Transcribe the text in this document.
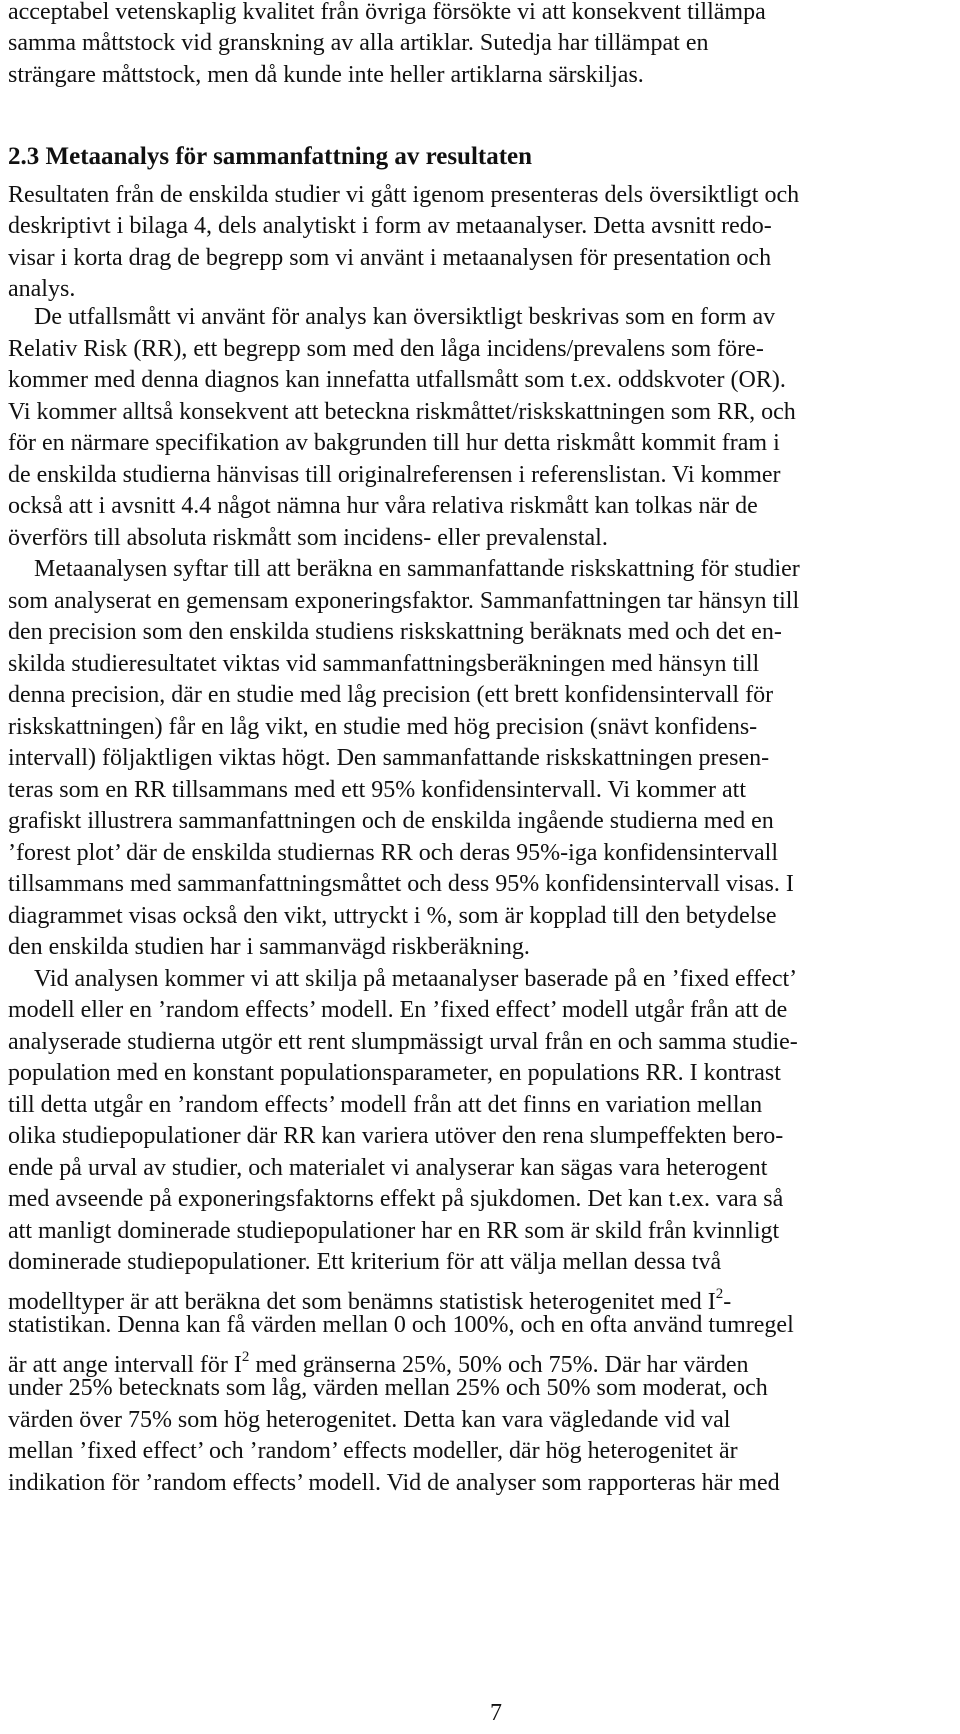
acceptabel vetenskaplig kvalitet från övriga försökte vi att konsekvent tillämpa
samma måttstock vid granskning av alla artiklar. Sutedja har tillämpat en
strängare måttstock, men då kunde inte heller artiklarna särskiljas.
2.3 Metaanalys för sammanfattning av resultaten
Resultaten från de enskilda studier vi gått igenom presenteras dels översiktligt och
deskriptivt i bilaga 4, dels analytiskt i form av metaanalyser. Detta avsnitt redo-
visar i korta drag de begrepp som vi använt i metaanalysen för presentation och
analys.
De utfallsmått vi använt för analys kan översiktligt beskrivas som en form av
Relativ Risk (RR), ett begrepp som med den låga incidens/prevalens som före-
kommer med denna diagnos kan innefatta utfallsmått som t.ex. oddskvoter (OR).
Vi kommer alltså konsekvent att beteckna riskmåttet/riskskattningen som RR, och
för en närmare specifikation av bakgrunden till hur detta riskmått kommit fram i
de enskilda studierna hänvisas till originalreferensen i referenslistan. Vi kommer
också att i avsnitt 4.4 något nämna hur våra relativa riskmått kan tolkas när de
överförs till absoluta riskmått som incidens- eller prevalenstal.
Metaanalysen syftar till att beräkna en sammanfattande riskskattning för studier
som analyserat en gemensam exponeringsfaktor. Sammanfattningen tar hänsyn till
den precision som den enskilda studiens riskskattning beräknats med och det en-
skilda studieresultatet viktas vid sammanfattningsberäkningen med hänsyn till
denna precision, där en studie med låg precision (ett brett konfidensintervall för
riskskattningen) får en låg vikt, en studie med hög precision (snävt konfidens-
intervall) följaktligen viktas högt. Den sammanfattande riskskattningen presen-
teras som en RR tillsammans med ett 95% konfidensintervall. Vi kommer att
grafiskt illustrera sammanfattningen och de enskilda ingående studierna med en
’forest plot’ där de enskilda studiernas RR och deras 95%-iga konfidensintervall
tillsammans med sammanfattningsmåttet och dess 95% konfidensintervall visas. I
diagrammet visas också den vikt, uttryckt i %, som är kopplad till den betydelse
den enskilda studien har i sammanvägd riskberäkning.
Vid analysen kommer vi att skilja på metaanalyser baserade på en ’fixed effect’
modell eller en ’random effects’ modell. En ’fixed effect’ modell utgår från att de
analyserade studierna utgör ett rent slumpmässigt urval från en och samma studie-
population med en konstant populationsparameter, en populations RR. I kontrast
till detta utgår en ’random effects’ modell från att det finns en variation mellan
olika studiepopulationer där RR kan variera utöver den rena slumpeffekten bero-
ende på urval av studier, och materialet vi analyserar kan sägas vara heterogent
med avseende på exponeringsfaktorns effekt på sjukdomen. Det kan t.ex. vara så
att manligt dominerade studiepopulationer har en RR som är skild från kvinnligt
dominerade studiepopulationer. Ett kriterium för att välja mellan dessa två
modelltyper är att beräkna det som benämns statistisk heterogenitet med $I^2-$
statistikan. Denna kan få värden mellan 0 och 100%, och en ofta använd tumregel
är att ange intervall för $I^2$ med gränserna 25%, 50% och 75%. Där har värden
under 25% betecknats som låg, värden mellan 25% och 50% som moderat, och
värden över 75% som hög heterogenitet. Detta kan vara vägledande vid val
mellan ’fixed effect’ och ’random’ effects modeller, där hög heterogenitet är
indikation för ’random effects’ modell. Vid de analyser som rapporteras här med
7
